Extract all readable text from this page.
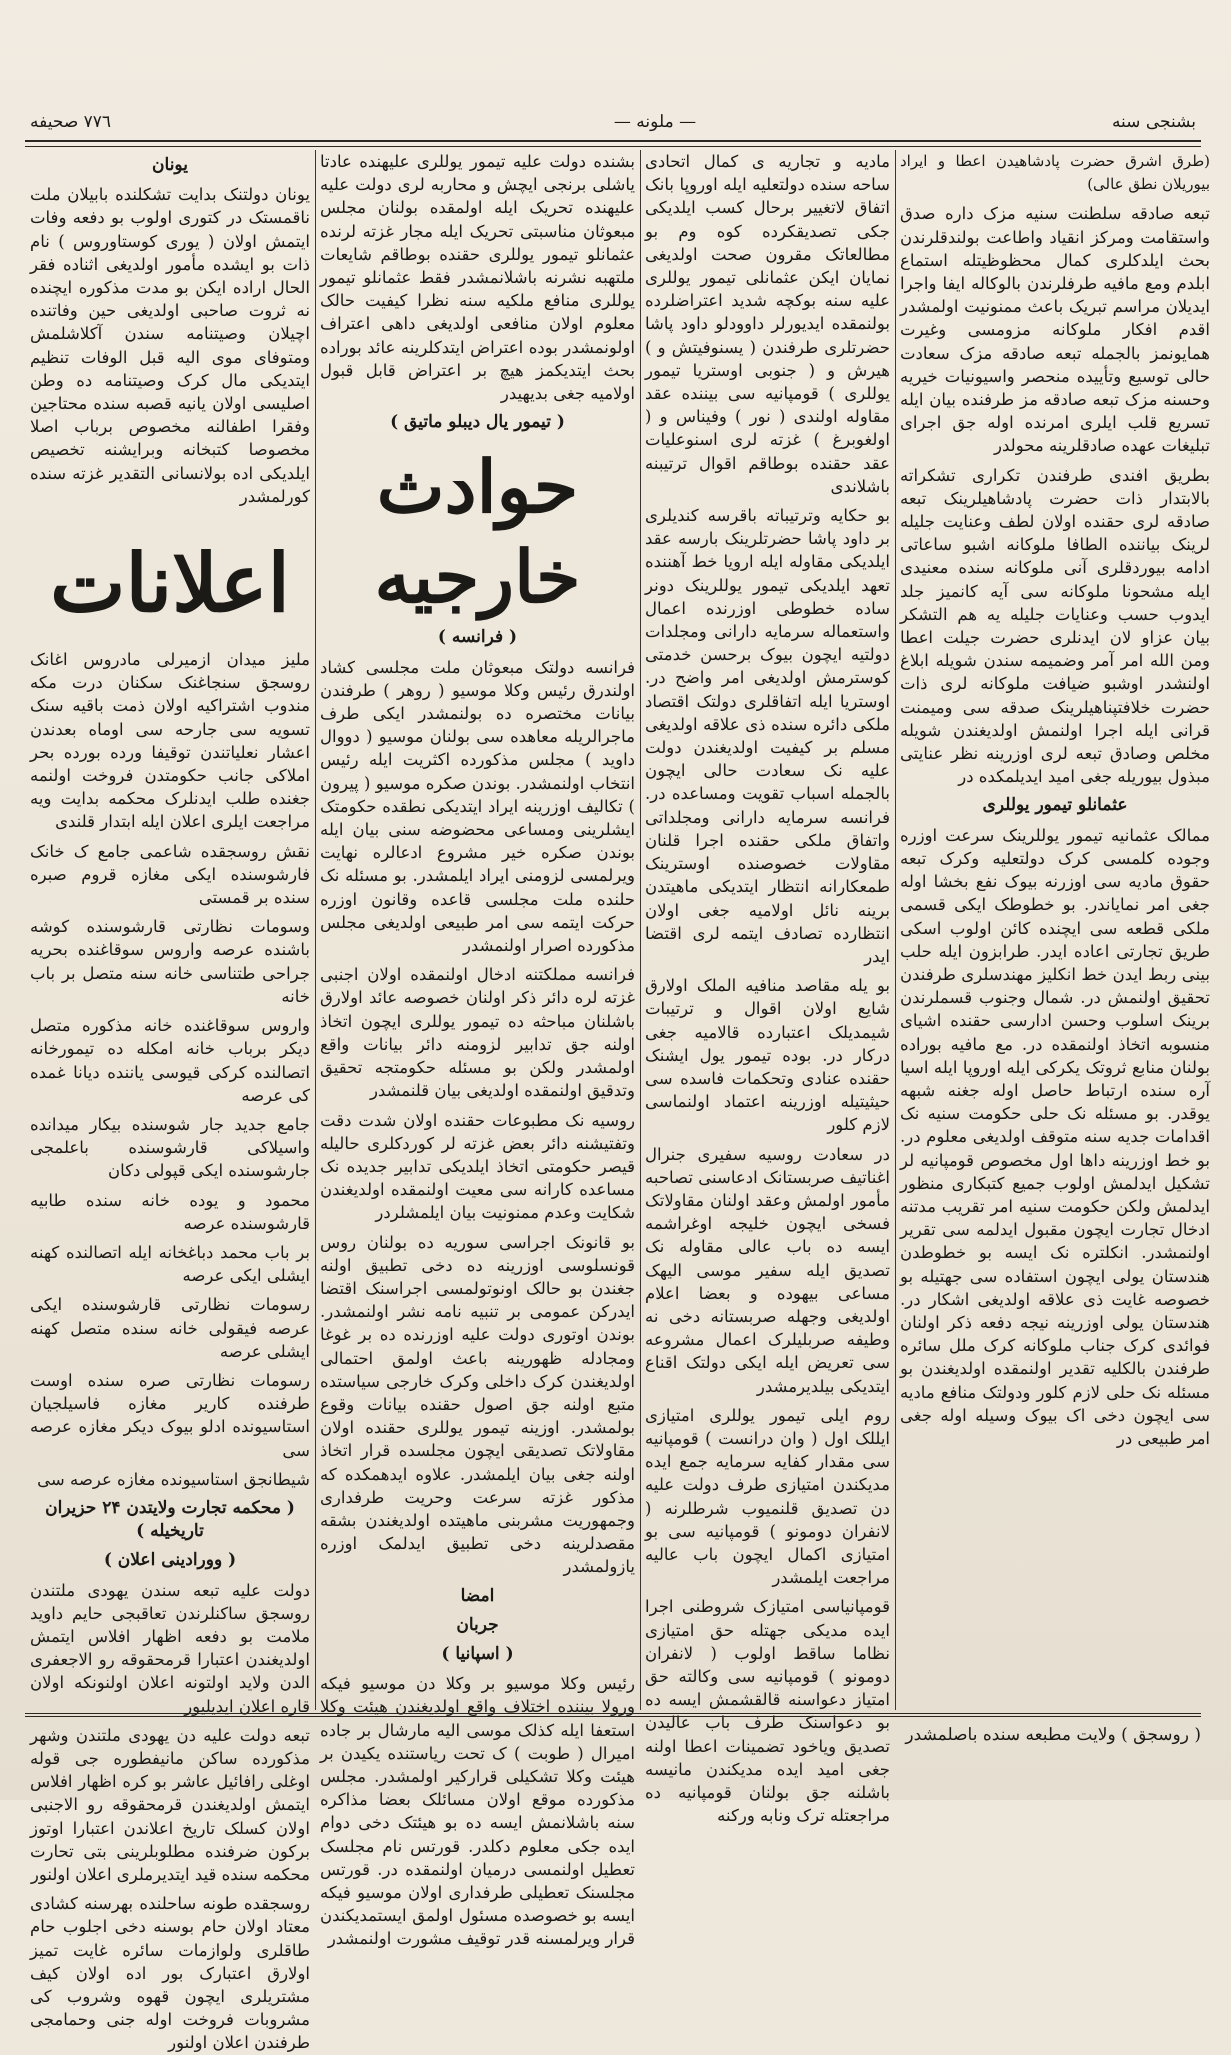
بشنجی سنه
— ملونه —
۷۷٦ صحیفه

(طرق اشرق حضرت پادشاهیدن اعطا و ایراد بیوریلان نطق عالی)

تبعه صادقه سلطنت سنیه مزک داره صدق واستقامت ومرکز انقیاد واطاعت بولندقلرندن بحث ایلدکلری کمال محظوظیتله استماع ابلدم ومع مافیه طرفلرندن بالوکاله ایفا واجرا ایدیلان مراسم تبریک باعث ممنونیت اولمشدر اقدم افکار ملوکانه مزومسی وغیرت همایونمز بالجمله تبعه صادقه مزک سعادت حالی توسیع وتأییده منحصر واسیونیات خیریه وحسنه مزک تبعه صادقه مز طرفنده بیان ایله تسریع قلب ایلری امرنده اوله جق اجرای تبلیغات عهده صادقلرینه محولدر

بطریق افندی طرفندن تکراری تشکراته بالابتدار ذات حضرت پادشاهیلرینک تبعه صادقه لری حقنده اولان لطف وعنایت جلیله لرینک بیاننده الطافا ملوکانه اشبو ساعاتی ادامه بیوردقلری آنی ملوکانه سنده معنیدی ایله مشحونا ملوکانه سی آیه کانمیز جلد ایدوب حسب وعنایات جلیله یه هم التشکر بیان عزاو لان ایدنلری حضرت جیلت اعطا ومن الله امر آمر وضمیمه سندن شویله ابلاغ اولنشدر اوشبو ضیافت ملوکانه لری ذات حضرت خلافتپناهیلرینک صدقه سی ومیمنت قرانی ایله اجرا اولنمش اولدیغندن شویله مخلص وصادق تبعه لری اوزرینه نظر عنایتی مبذول بیوریله جغی امید ایدیلمکده در

عثمانلو تیمور یوللری

ممالک عثمانیه تیمور یوللرینک سرعت اوزره وجوده کلمسی کرک دولتعلیه وکرک تبعه حقوق مادیه سی اوزرنه بیوک نفع بخشا اوله جغی امر نمایاندر. بو خطوطک ایکی قسمی ملکی قطعه سی ایچنده کائن اولوب اسکی طریق تجارتی اعاده ایدر. طرابزون ایله حلب بینی ربط ایدن خط انکلیز مهندسلری طرفندن تحقیق اولنمش در. شمال وجنوب قسملرندن برینک اسلوب وحسن ادارسی حقنده اشیای منسوبه اتخاذ اولنمقده در. مع مافیه بوراده بولنان منابع ثروتک یکرکی ایله اوروپا ایله اسیا آره سنده ارتباط حاصل اوله جغنه شبهه یوقدر. بو مسئله نک حلی حکومت سنیه نک اقدامات جدیه سنه متوقف اولدیغی معلوم در. بو خط اوزرینه داها اول مخصوص قومپانیه لر تشکیل ایدلمش اولوب جمیع کتبکاری منظور ایدلمش ولکن حکومت سنیه امر تقریب مدتنه ادخال تجارت ایچون مقبول ایدلمه سی تقریر اولنمشدر. انکلتره نک ایسه بو خطوطدن هندستان یولی ایچون استفاده سی جهتیله بو خصوصه غایت ذی علاقه اولدیغی اشکار در. هندستان یولی اوزرینه نیجه دفعه ذکر اولنان فوائدی کرک جناب ملوکانه کرک ملل سائره طرفندن بالکلیه تقدیر اولنمقده اولدیغندن بو مسئله نک حلی لازم کلور ودولتک منافع مادیه سی ایچون دخی اک بیوک وسیله اوله جغی امر طبیعی در

مادیه و تجاریه ی کمال اتحادی ساحه سنده دولتعلیه ایله اوروپا بانک اتفاق لاتغییر برحال کسب ایلدیکی جکی تصدیقکرده کوه وم بو مطالعاتک مقرون صحت اولدیغی نمایان ایکن عثمانلی تیمور یوللری علیه سنه بوکچه شدید اعتراضلرده بولنمقده ایدیورلر داوودلو داود پاشا حضرتلری طرفندن ( یسنوفیتش و ) هیرش و ( جنوبی اوستریا تیمور یوللری ) قومپانیه سی بیننده عقد مقاوله اولندی ( نور ) وفیناس و ( اولغوبرغ ) غزته لری اسنوعلیات عقد حقنده بوطاقم اقوال ترتیبنه باشلاندی

بو حکایه وترتیباته باقرسه کندیلری بر داود پاشا حضرتلرینک بارسه عقد ایلدیکی مقاوله ایله ارویا خط آهننده تعهد ایلدیکی تیمور یوللرینک دونر ساده خطوطی اوزرنده اعمال واستعماله سرمایه دارانی ومجلدات دولتیه ایچون بیوک برحسن خدمتی کوسترمش اولدیغی امر واضح در. اوستریا ایله اتفاقلری دولتک اقتصاد ملکی دائره سنده ذی علاقه اولدیغی مسلم بر کیفیت اولدیغندن دولت علیه نک سعادت حالی ایچون بالجمله اسباب تقویت ومساعده در. فرانسه سرمایه دارانی ومجلداتی واتفاق ملکی حقنده اجرا قلنان مقاولات خصوصنده اوسترینک طمعکارانه انتظار ایتدیکی ماهیتدن برینه نائل اولامیه جغی اولان انتظارده تصادف ایتمه لری اقتضا ایدر

بو یله مقاصد منافیه الملک اولارق شایع اولان اقوال و ترتیبات شیمدیلک اعتبارده قالامیه جغی درکار در. بوده تیمور یول ایشنک حقنده عنادی وتحکمات فاسده سی حیثیتیله اوزرینه اعتماد اولنماسی لازم کلور

در سعادت روسیه سفیری جنرال اغناتیف صربستانک ادعاسنی تصاحبه مأمور اولمش وعقد اولنان مقاولاتک فسخی ایچون خلیجه اوغراشمه ایسه ده باب عالی مقاوله نک تصدیق ایله سفیر موسی الیهک مساعی بیهوده و بعضا اعلام اولدیغی وجهله صربستانه دخی نه وطیفه صربلیلرک اعمال مشروعه سی تعریض ایله ایکی دولتک اقناع ایتدیکی بیلدیرمشدر

روم ایلی تیمور یوللری امتیازی ایللک اول ( وان درانست ) قومپانیه سی مقدار کفایه سرمایه جمع ایده مدیکندن امتیازی طرف دولت علیه دن تصدیق قلنمیوب شرطلرنه ( لانفران دومونو ) قومپانیه سی بو امتیازی اکمال ایچون باب عالیه مراجعت ایلمشدر

قومپانیاسی امتیازک شروطنی اجرا ایده مدیکی جهتله حق امتیازی نظاما ساقط اولوب ( لانفران دومونو ) قومپانیه سی وکالته حق امتیاز دعواسنه قالقشمش ایسه ده بو دعواسنک طرف باب عالیدن تصدیق ویاخود تضمینات اعطا اولنه جغی امید ایده مدیکندن مانیسه باشلنه جق بولنان قومپانیه ده مراجعتله ترک ونابه ورکنه

بشنده دولت علیه تیمور یوللری علیهنده عادتا یاشلی برنجی ایچش و محاربه لری دولت علیه علیهنده تحریک ایله اولمقده بولنان مجلس مبعوثان مناسبتی تحریک ایله مجار غزته لرنده عثمانلو تیمور یوللری حقنده بوطاقم شایعات ملتهبه نشرنه باشلانمشدر فقط عثمانلو تیمور یوللری منافع ملکیه سنه نظرا کیفیت حالک معلوم اولان منافعی اولدیغی داهی اعتراف اولونمشدر بوده اعتراض ایتدکلرینه عائد بوراده بحث ایتدیکمز هیچ بر اعتراض قابل قبول اولامیه جغی بدیهیدر

( تیمور یال دیبلو ماتیق )
حوادث خارجیه
( فرانسه )

فرانسه دولتک مبعوثان ملت مجلسی کشاد اولندرق رئیس وکلا موسیو ( روهر ) طرفندن بیانات مختصره ده بولنمشدر ایکی طرف ماجرالریله معاهده سی بولنان موسیو ( دووال داوید ) مجلس مذکورده اکثریت ایله رئیس انتخاب اولنمشدر. بوندن صکره موسیو ( پیرون ) تکالیف اوزرینه ایراد ایتدیکی نطقده حکومتک ایشلرینی ومساعی محضوضه سنی بیان ایله بوندن صکره خیر مشروع ادعالره نهایت ویرلمسی لزومنی ایراد ایلمشدر. بو مسئله نک حلنده ملت مجلسی قاعده وقانون اوزره حرکت ایتمه سی امر طبیعی اولدیغی مجلس مذکورده اصرار اولنمشدر

فرانسه مملکتنه ادخال اولنمقده اولان اجنبی غزته لره دائر ذکر اولنان خصوصه عائد اولارق باشلنان مباحثه ده تیمور یوللری ایچون اتخاذ اولنه جق تدابیر لزومنه دائر بیانات واقع اولمشدر ولکن بو مسئله حکومتجه تحقیق وتدقیق اولنمقده اولدیغی بیان قلنمشدر

روسیه نک مطبوعات حقنده اولان شدت دقت وتفتیشنه دائر بعض غزته لر کوردکلری حالیله قیصر حکومتی اتخاذ ایلدیکی تدابیر جدیده نک مساعده کارانه سی معیت اولنمقده اولدیغندن شکایت وعدم ممنونیت بیان ایلمشلردر

بو قانونک اجراسی سوریه ده بولنان روس قونسلوسی اوزرینه ده دخی تطبیق اولنه جغندن بو حالک اونوتولمسی اجراسنک اقتضا ایدرکن عمومی بر تنبیه نامه نشر اولنمشدر. بوندن اوتوری دولت علیه اوزرنده ده بر غوغا ومجادله ظهورینه باعث اولمق احتمالی اولدیغندن کرک داخلی وکرک خارجی سیاستده متبع اولنه جق اصول حقنده بیانات وقوع بولمشدر. اوزینه تیمور یوللری حقنده اولان مقاولاتک تصدیقی ایچون مجلسده قرار اتخاذ اولنه جغی بیان ایلمشدر. علاوه ایدهمکده که مذکور غزته سرعت وحریت طرفداری وجمهوریت مشربنی ماهیتده اولدیغندن بشقه مقصدلرینه دخی تطبیق ایدلمک اوزره یازولمشدر

امضا
جربان
( اسپانیا )

رئیس وکلا موسیو بر وکلا دن موسیو فیکه ورولا بیننده اختلاف واقع اولدیغندن هیئت وکلا استعفا ایله کذلک موسی الیه مارشال بر جاده امیرال ( طوبت ) ک تحت ریاستنده یکیدن بر هیئت وکلا تشکیلی قرارکیر اولمشدر. مجلس مذکورده موقع اولان مسائلک بعضا مذاکره سنه باشلانمش ایسه ده بو هیئتک دخی دوام ایده جکی معلوم دکلدر. قورتس نام مجلسک تعطیل اولنمسی درمیان اولنمقده در. قورتس مجلسنک تعطیلی طرفداری اولان موسیو فیکه ایسه بو خصوصده مسئول اولمق ایستمدیکندن قرار ویرلمسنه قدر توقیف مشورت اولنمشدر

یونان

یونان دولتنک بدایت تشکلنده بابیلان ملت ناقمستک در کتوری اولوب بو دفعه وفات ایتمش اولان ( یوری کوستاوروس ) نام ذات بو ایشده مأمور اولدیغی اثناده فقر الحال اراده ایکن بو مدت مذکوره ایچنده نه ثروت صاحبی اولدیغی حین وفاتنده اچیلان وصیتنامه سندن آکلاشلمش ومتوفای موی الیه قبل الوفات تنظیم ایتدیکی مال کرک وصیتنامه ده وطن اصلیسی اولان یانیه قصبه سنده محتاجین وفقرا اطفالنه مخصوص برباب اصلا مخصوصا کتبخانه وبرایشنه تخصیص ایلدیکی اده بولانسانی التقدیر غزته سنده کورلمشدر

اعلانات

ملیز میدان ازمیرلی مادروس اغانک روسجق سنجاغنک سکنان درت مکه مندوب اشتراکیه اولان ذمت باقیه سنک تسویه سی جارحه سی اوماه بعدندن اعشار نعلیاتندن توقیفا ورده بورده بحر املاکی جانب حکومتدن فروخت اولنمه جغنده طلب ایدنلرک محکمه بدایت ویه مراجعت ایلری اعلان ایله ابتدار قلندی

نقش روسجقده شاعمی جامع ک خانک فارشوسنده ایکی مغازه قروم صبره سنده بر قمستی

وسومات نظارتی قارشوسنده کوشه باشنده عرصه واروس سوقاغنده بحریه جراحی طتناسی خانه سنه متصل بر باب خانه

واروس سوقاغنده خانه مذکوره متصل دیکر برباب خانه امکله ده تیمورخانه اتصالنده کرکی قیوسی یاننده دیانا غمده کی عرصه

جامع جدید جار شوسنده بیکار میدانده واسیلاکی قارشوسنده باعلمجی جارشوسنده ایکی قپولی دکان

محمود و یوده خانه سنده طابیه قارشوسنده عرصه

بر باب محمد دباغخانه ایله اتصالنده کهنه ایشلی ایکی عرصه

رسومات نظارتی قارشوسنده ایکی عرصه فیقولی خانه سنده متصل کهنه ایشلی عرصه

رسومات نظارتی صره سنده اوست طرفنده کاریر مغازه فاسیلجیان استاسیونده ادلو بیوک دیکر مغازه عرصه سی

شیطانجق استاسیونده مغازه عرصه سی

( محکمه تجارت ولایتدن ۲۴ حزیران تاریخیله )
( وورادینی اعلان )

دولت علیه تبعه سندن یهودی ملتندن روسجق ساکنلرندن تعاقبجی حایم داوید ملامت بو دفعه اظهار افلاس ایتمش اولدیغندن اعتبارا قرمحقوقه رو الاجعفری الدن ولاید اولتونه اعلان اولنونکه اولان قاره اعلان ایدیلیور

تبعه دولت علیه دن یهودی ملتندن وشهر مذکورده ساکن مانیفطوره جی قوله اوغلی رافائیل عاشر بو کره اظهار افلاس ایتمش اولدیغندن قرمحقوقه رو الاجنبی اولان کسلک تاریخ اعلاندن اعتبارا اوتوز برکون ضرفنده مطلوبلرینی بتی تحارت محکمه سنده قید ایتدیرملری اعلان اولنور

روسجقده طونه ساحلنده بهرسنه کشادی معتاد اولان حام بوسنه دخی اجلوب حام طاقلری ولوازمات سائره غایت تمیز اولارق اعتبارک بور اده اولان کیف مشتریلری ایچون قهوه وشروب کی مشروبات فروخت اوله جنی وحمامجی طرفندن اعلان اولنور

( روسجق ) ولایت مطبعه سنده باصلمشدر
